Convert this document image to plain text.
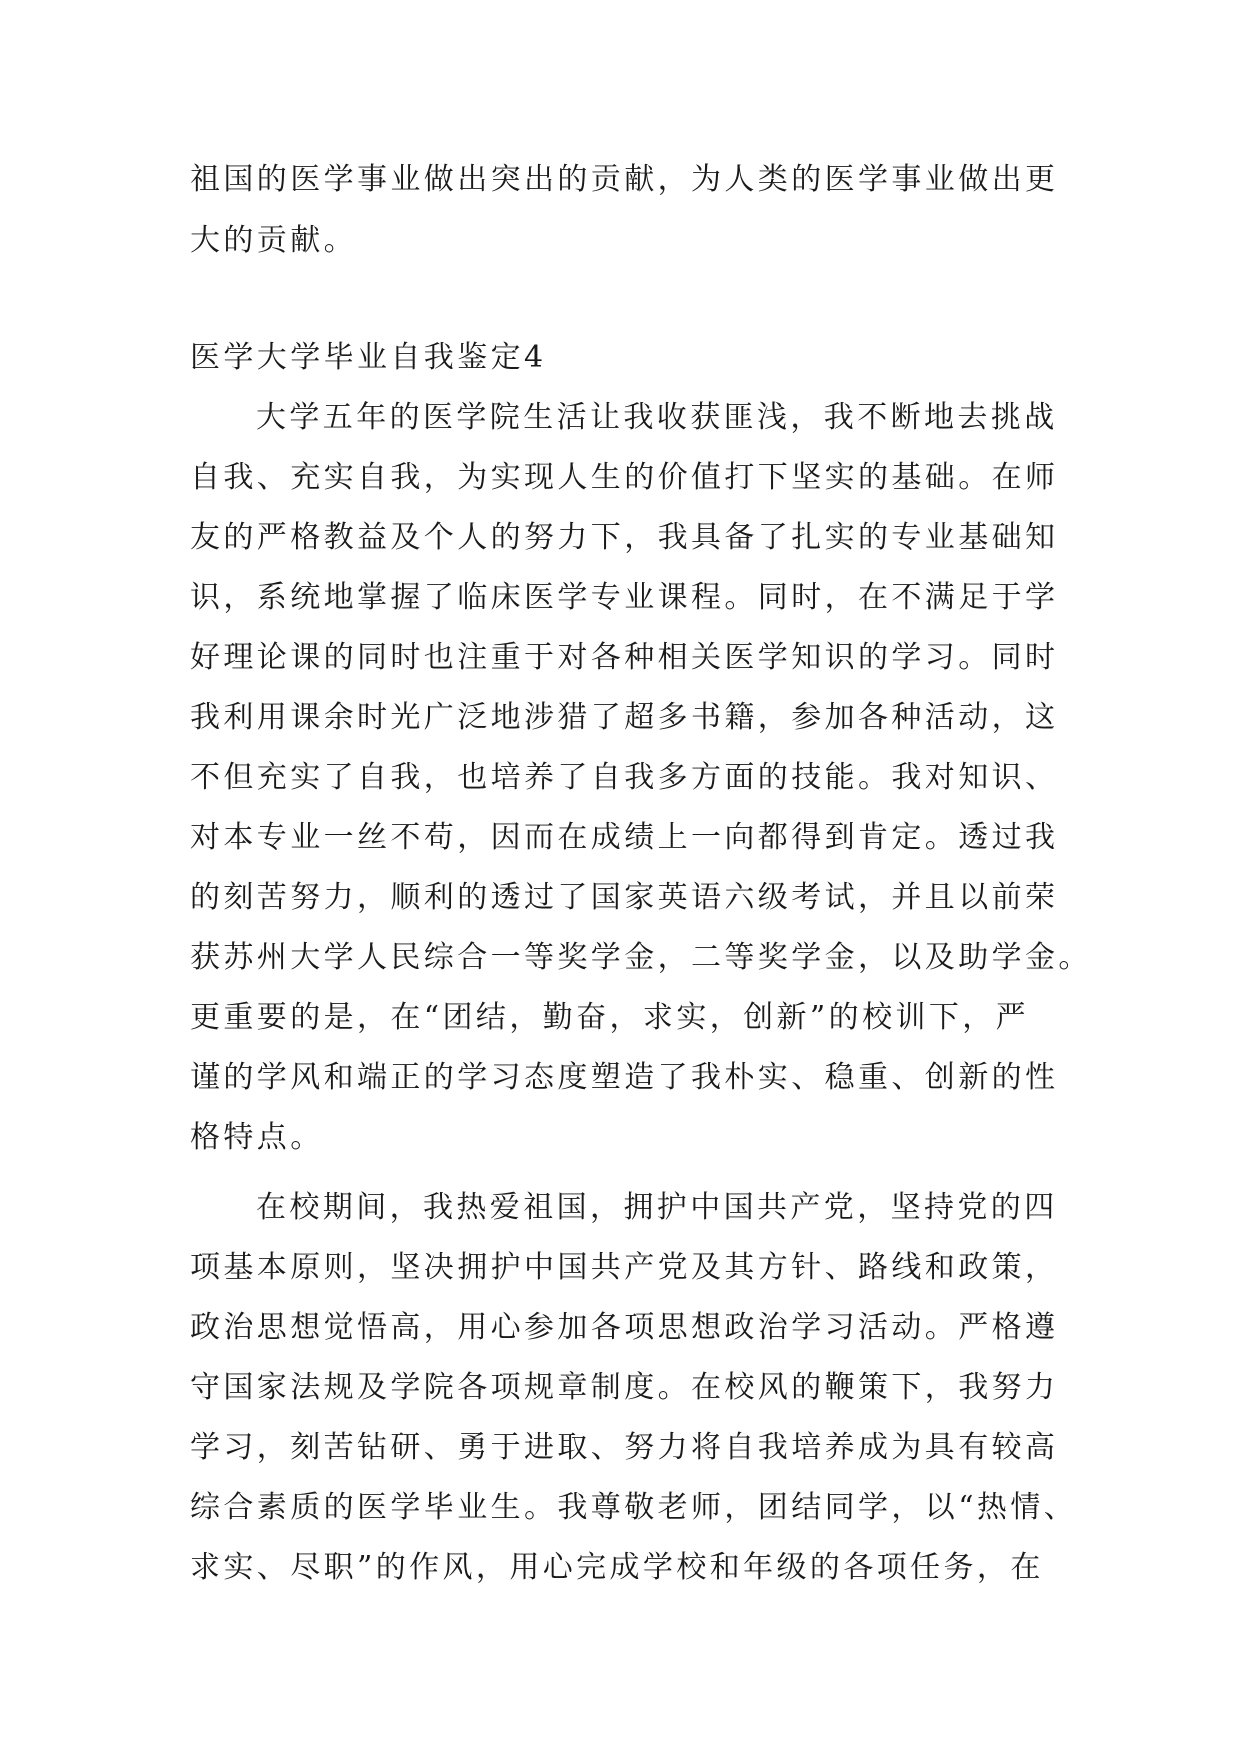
祖国的医学事业做出突出的贡献，为人类的医学事业做出更
大的贡献。
医学大学毕业自我鉴定4
大学五年的医学院生活让我收获匪浅，我不断地去挑战
自我、充实自我，为实现人生的价值打下坚实的基础。在师
友的严格教益及个人的努力下，我具备了扎实的专业基础知
识，系统地掌握了临床医学专业课程。同时，在不满足于学
好理论课的同时也注重于对各种相关医学知识的学习。同时
我利用课余时光广泛地涉猎了超多书籍，参加各种活动，这
不但充实了自我，也培养了自我多方面的技能。我对知识、
对本专业一丝不苟，因而在成绩上一向都得到肯定。透过我
的刻苦努力，顺利的透过了国家英语六级考试，并且以前荣
获苏州大学人民综合一等奖学金，二等奖学金，以及助学金。
更重要的是，在“团结，勤奋，求实，创新”的校训下，严
谨的学风和端正的学习态度塑造了我朴实、稳重、创新的性
格特点。
在校期间，我热爱祖国，拥护中国共产党，坚持党的四
项基本原则，坚决拥护中国共产党及其方针、路线和政策，
政治思想觉悟高，用心参加各项思想政治学习活动。严格遵
守国家法规及学院各项规章制度。在校风的鞭策下，我努力
学习，刻苦钻研、勇于进取、努力将自我培养成为具有较高
综合素质的医学毕业生。我尊敬老师，团结同学，以“热情、
求实、尽职”的作风，用心完成学校和年级的各项任务，在
